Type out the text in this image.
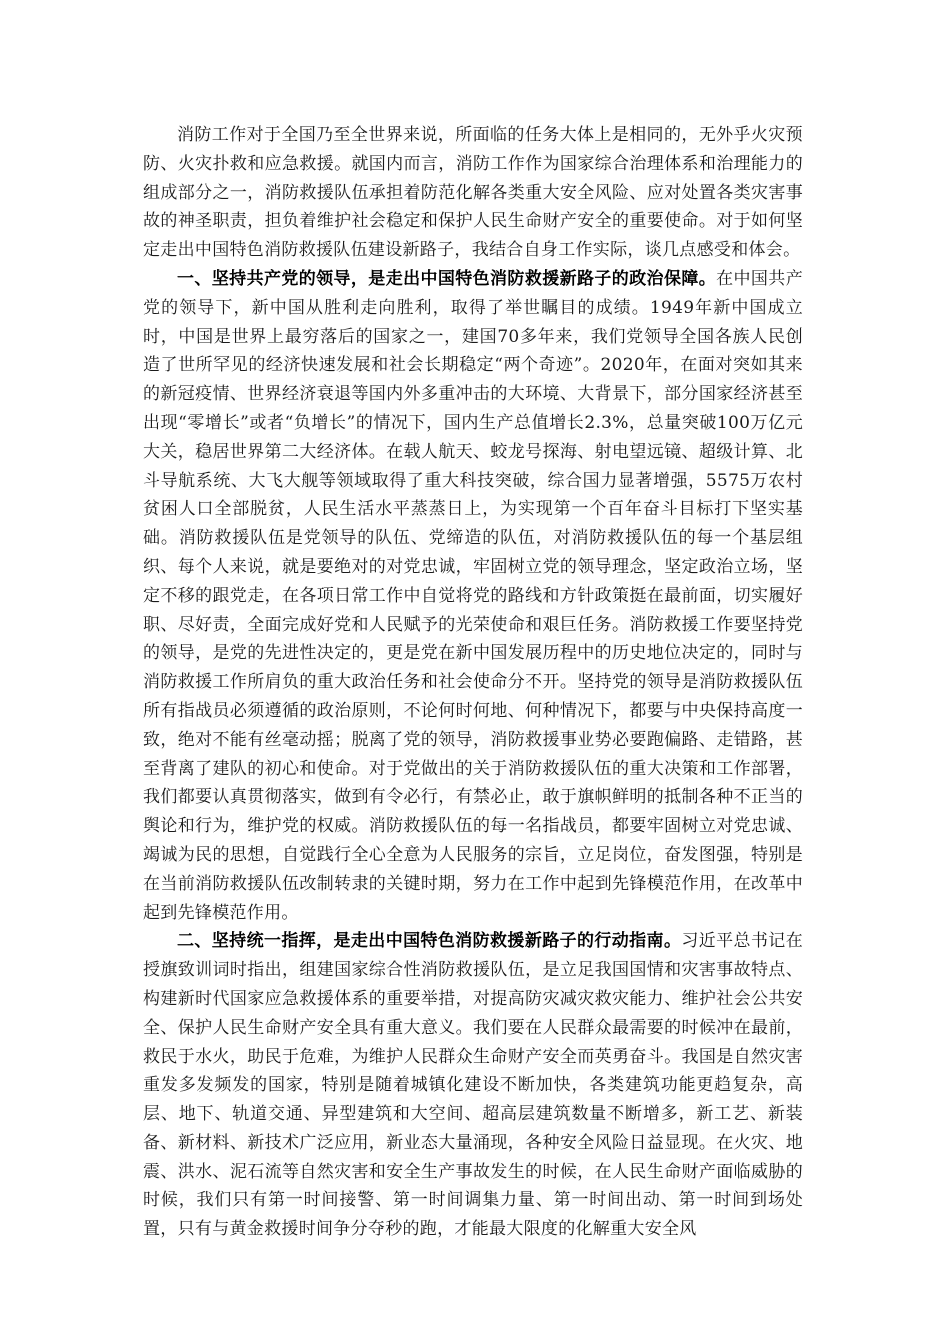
消防工作对于全国乃至全世界来说，所面临的任务大体上是相同的，无外乎火灾预防、火灾扑救和应急救援。就国内而言，消防工作作为国家综合治理体系和治理能力的组成部分之一，消防救援队伍承担着防范化解各类重大安全风险、应对处置各类灾害事故的神圣职责，担负着维护社会稳定和保护人民生命财产安全的重要使命。对于如何坚定走出中国特色消防救援队伍建设新路子，我结合自身工作实际，谈几点感受和体会。

一、坚持共产党的领导，是走出中国特色消防救援新路子的政治保障。在中国共产党的领导下，新中国从胜利走向胜利，取得了举世瞩目的成绩。1949年新中国成立时，中国是世界上最穷落后的国家之一，建国70多年来，我们党领导全国各族人民创造了世所罕见的经济快速发展和社会长期稳定“两个奇迹”。2020年，在面对突如其来的新冠疫情、世界经济衰退等国内外多重冲击的大环境、大背景下，部分国家经济甚至出现“零增长”或者“负增长”的情况下，国内生产总值增长2.3%，总量突破100万亿元大关，稳居世界第二大经济体。在载人航天、蛟龙号探海、射电望远镜、超级计算、北斗导航系统、大飞大舰等领域取得了重大科技突破，综合国力显著增强，5575万农村贫困人口全部脱贫，人民生活水平蒸蒸日上，为实现第一个百年奋斗目标打下坚实基础。消防救援队伍是党领导的队伍、党缔造的队伍，对消防救援队伍的每一个基层组织、每个人来说，就是要绝对的对党忠诚，牢固树立党的领导理念，坚定政治立场，坚定不移的跟党走，在各项日常工作中自觉将党的路线和方针政策挺在最前面，切实履好职、尽好责，全面完成好党和人民赋予的光荣使命和艰巨任务。消防救援工作要坚持党的领导，是党的先进性决定的，更是党在新中国发展历程中的历史地位决定的，同时与消防救援工作所肩负的重大政治任务和社会使命分不开。坚持党的领导是消防救援队伍所有指战员必须遵循的政治原则，不论何时何地、何种情况下，都要与中央保持高度一致，绝对不能有丝毫动摇；脱离了党的领导，消防救援事业势必要跑偏路、走错路，甚至背离了建队的初心和使命。对于党做出的关于消防救援队伍的重大决策和工作部署，我们都要认真贯彻落实，做到有令必行，有禁必止，敢于旗帜鲜明的抵制各种不正当的舆论和行为，维护党的权威。消防救援队伍的每一名指战员，都要牢固树立对党忠诚、竭诚为民的思想，自觉践行全心全意为人民服务的宗旨，立足岗位，奋发图强，特别是在当前消防救援队伍改制转隶的关键时期，努力在工作中起到先锋模范作用，在改革中起到先锋模范作用。

二、坚持统一指挥，是走出中国特色消防救援新路子的行动指南。习近平总书记在授旗致训词时指出，组建国家综合性消防救援队伍，是立足我国国情和灾害事故特点、构建新时代国家应急救援体系的重要举措，对提高防灾减灾救灾能力、维护社会公共安全、保护人民生命财产安全具有重大意义。我们要在人民群众最需要的时候冲在最前，救民于水火，助民于危难，为维护人民群众生命财产安全而英勇奋斗。我国是自然灾害重发多发频发的国家，特别是随着城镇化建设不断加快，各类建筑功能更趋复杂，高层、地下、轨道交通、异型建筑和大空间、超高层建筑数量不断增多，新工艺、新装备、新材料、新技术广泛应用，新业态大量涌现，各种安全风险日益显现。在火灾、地震、洪水、泥石流等自然灾害和安全生产事故发生的时候，在人民生命财产面临威胁的时候，我们只有第一时间接警、第一时间调集力量、第一时间出动、第一时间到场处置，只有与黄金救援时间争分夺秒的跑，才能最大限度的化解重大安全风
